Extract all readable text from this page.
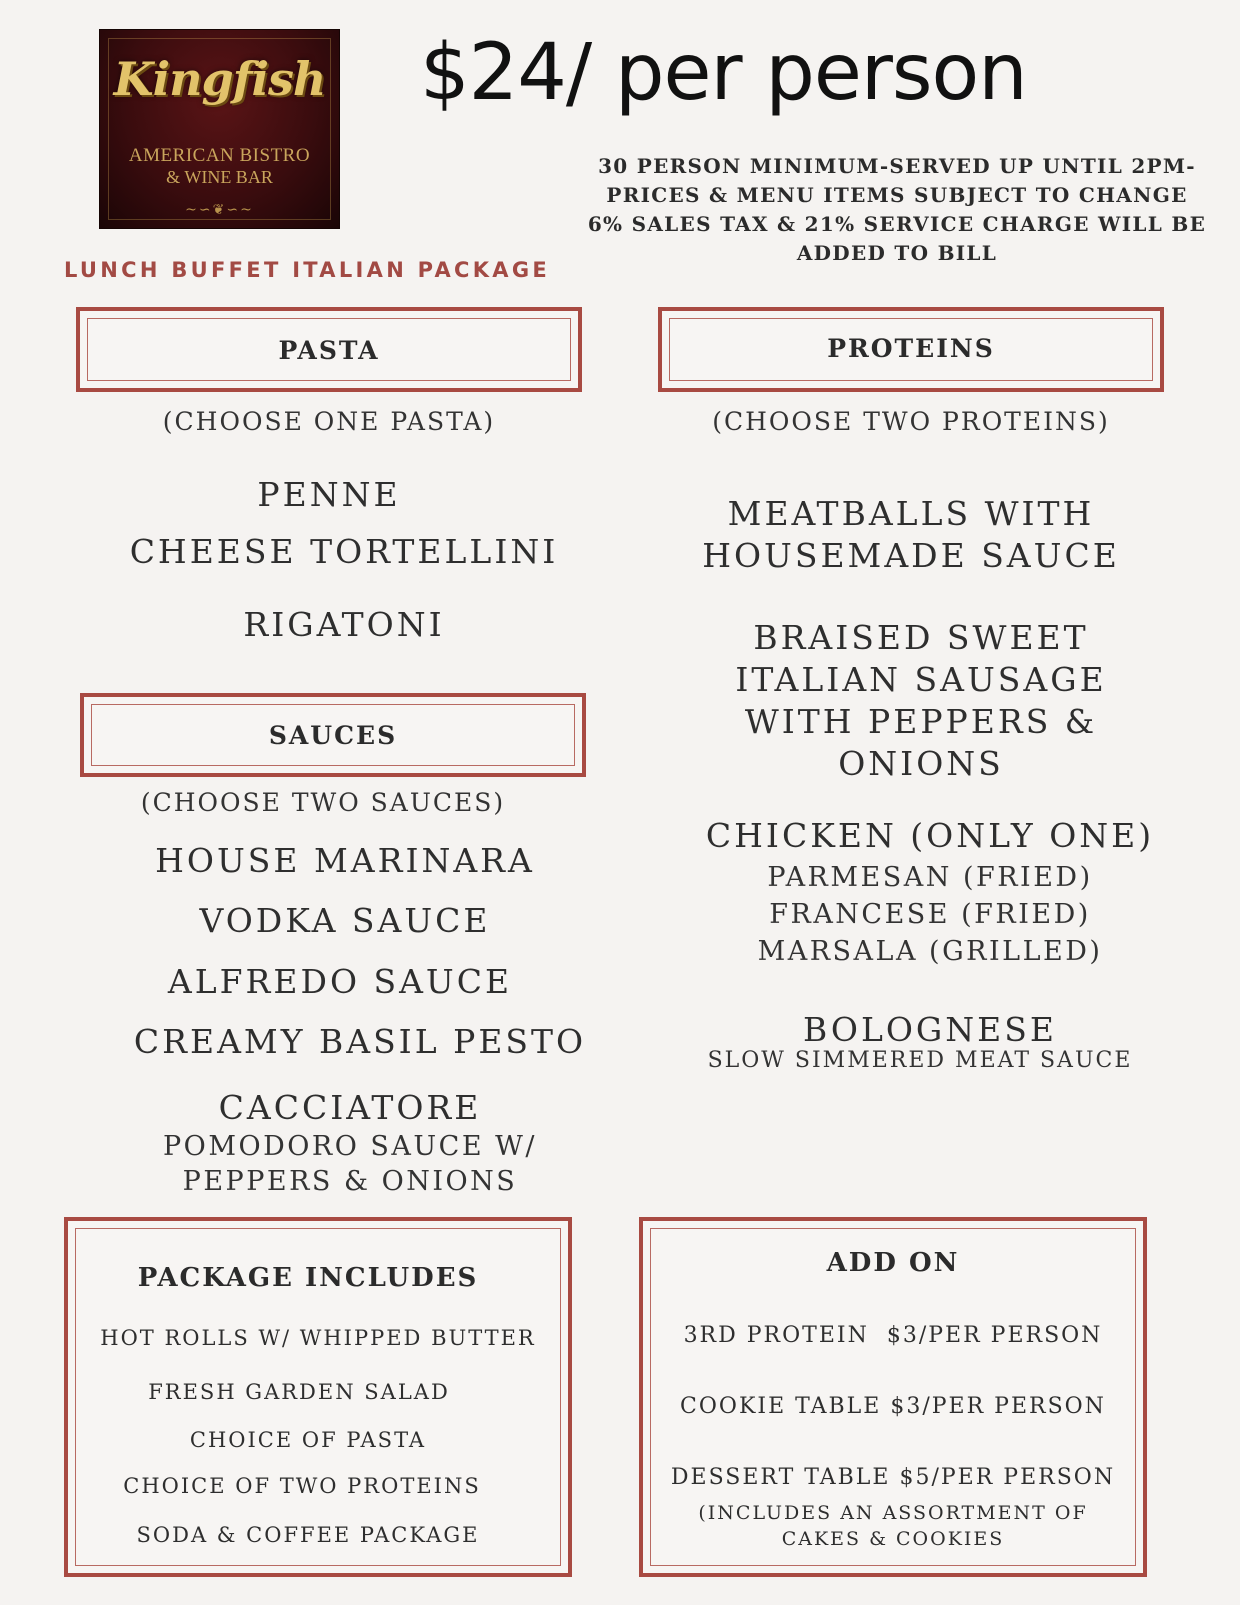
Kingfish
AMERICAN BISTRO
& WINE BAR
~∽❦∽~
$24/ per person
30 PERSON MINIMUM-SERVED UP UNTIL 2PM-
PRICES & MENU ITEMS SUBJECT TO CHANGE
6% SALES TAX & 21% SERVICE CHARGE WILL BE
ADDED TO BILL
LUNCH BUFFET ITALIAN PACKAGE
PASTA
(CHOOSE ONE PASTA)
PENNE
CHEESE TORTELLINI
RIGATONI
SAUCES
(CHOOSE TWO SAUCES)
HOUSE MARINARA
VODKA SAUCE
ALFREDO SAUCE
CREAMY BASIL PESTO
CACCIATORE
POMODORO SAUCE W/
PEPPERS & ONIONS
PROTEINS
(CHOOSE TWO PROTEINS)
MEATBALLS WITH
HOUSEMADE SAUCE
BRAISED SWEET
ITALIAN SAUSAGE
WITH PEPPERS &
ONIONS
CHICKEN (ONLY ONE)
PARMESAN (FRIED)
FRANCESE (FRIED)
MARSALA (GRILLED)
BOLOGNESE
SLOW SIMMERED MEAT SAUCE
PACKAGE INCLUDES
HOT ROLLS W/ WHIPPED BUTTER
FRESH GARDEN SALAD
CHOICE OF PASTA
CHOICE OF TWO PROTEINS
SODA & COFFEE PACKAGE
ADD ON
3RD PROTEIN  $3/PER PERSON
COOKIE TABLE $3/PER PERSON
DESSERT TABLE $5/PER PERSON
(INCLUDES AN ASSORTMENT OF
CAKES & COOKIES
